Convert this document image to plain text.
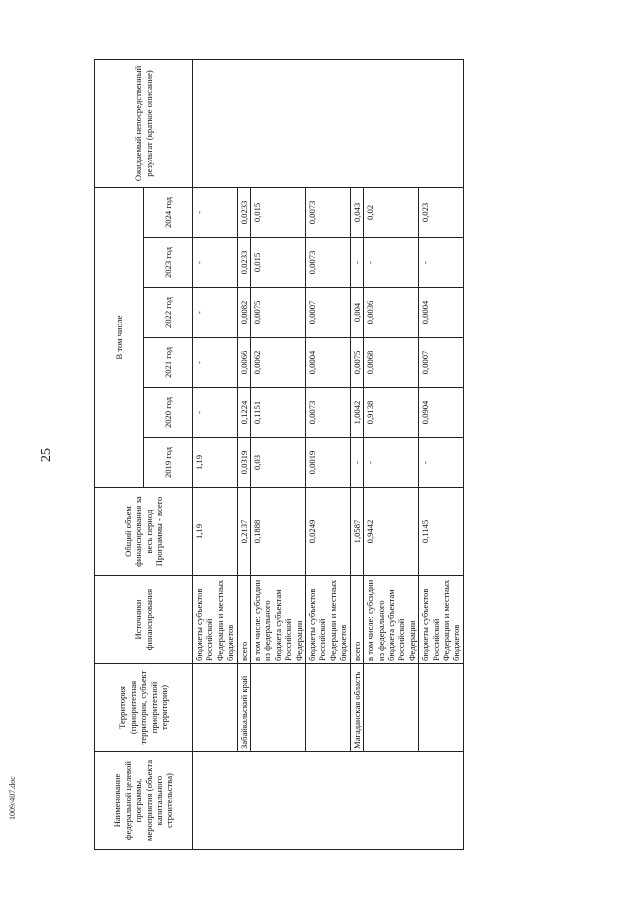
25
1009/407.doc	Наименование федеральной целевой программы, мероприятия (объекта капитального строительства)	Территория (приоритетная территория, субъект приоритетной территории)	Источники финансирования	Общий объем финансирования за весь период Программы - всего	В том числе						Ожидаемый непосредственный результат (краткое описание)
				2019 год	2020 год	2021 год	2022 год	2023 год	2024 год	
		бюджеты субъектов Российской Федерации и местных бюджетов	1,19	1,19	-	-	-	-	-	
	Забайкальский край	всего	0,2137	0,0319	0,1224	0,0066	0,0082	0,0233	0,0233	
		в том числе: субсидии из федерального бюджета субъектам Российской Федерации	0,1888	0,03	0,1151	0,0062	0,0075	0,015	0,015	
		бюджеты субъектов Российской Федерации и местных бюджетов	0,0249	0,0019	0,0073	0,0004	0,0007	0,0073	0,0073	
	Магаданская область	всего	1,0587	-	1,0042	0,0075	0,004	-	0,043	
		в том числе: субсидии из федерального бюджета субъектам Российской Федерации	0,9442	-	0,9138	0,0068	0,0036	-	0,02	
		бюджеты субъектов Российской Федерации и местных бюджетов	0,1145	-	0,0904	0,0007	0,0004	-	0,023	
